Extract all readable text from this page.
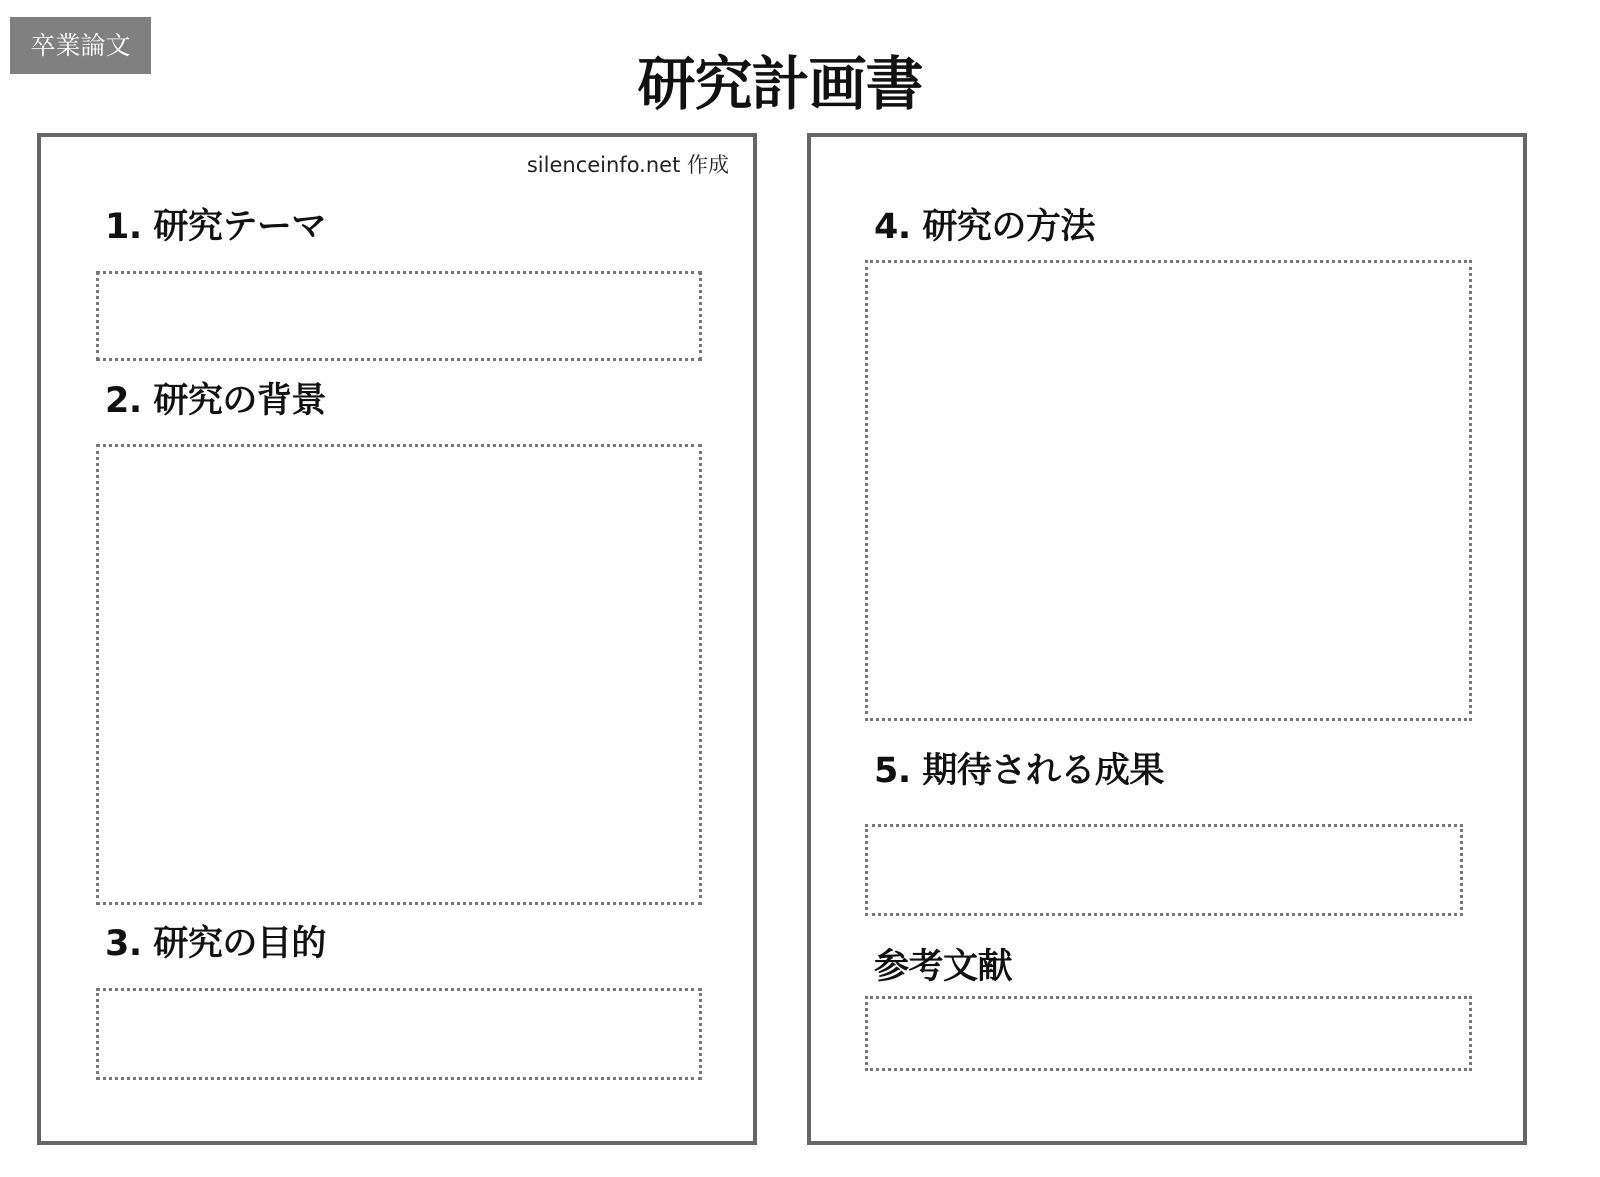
卒業論文
研究計画書
silenceinfo.net 作成
1. 研究テーマ
2. 研究の背景
3. 研究の目的
4. 研究の方法
5. 期待される成果
参考文献
